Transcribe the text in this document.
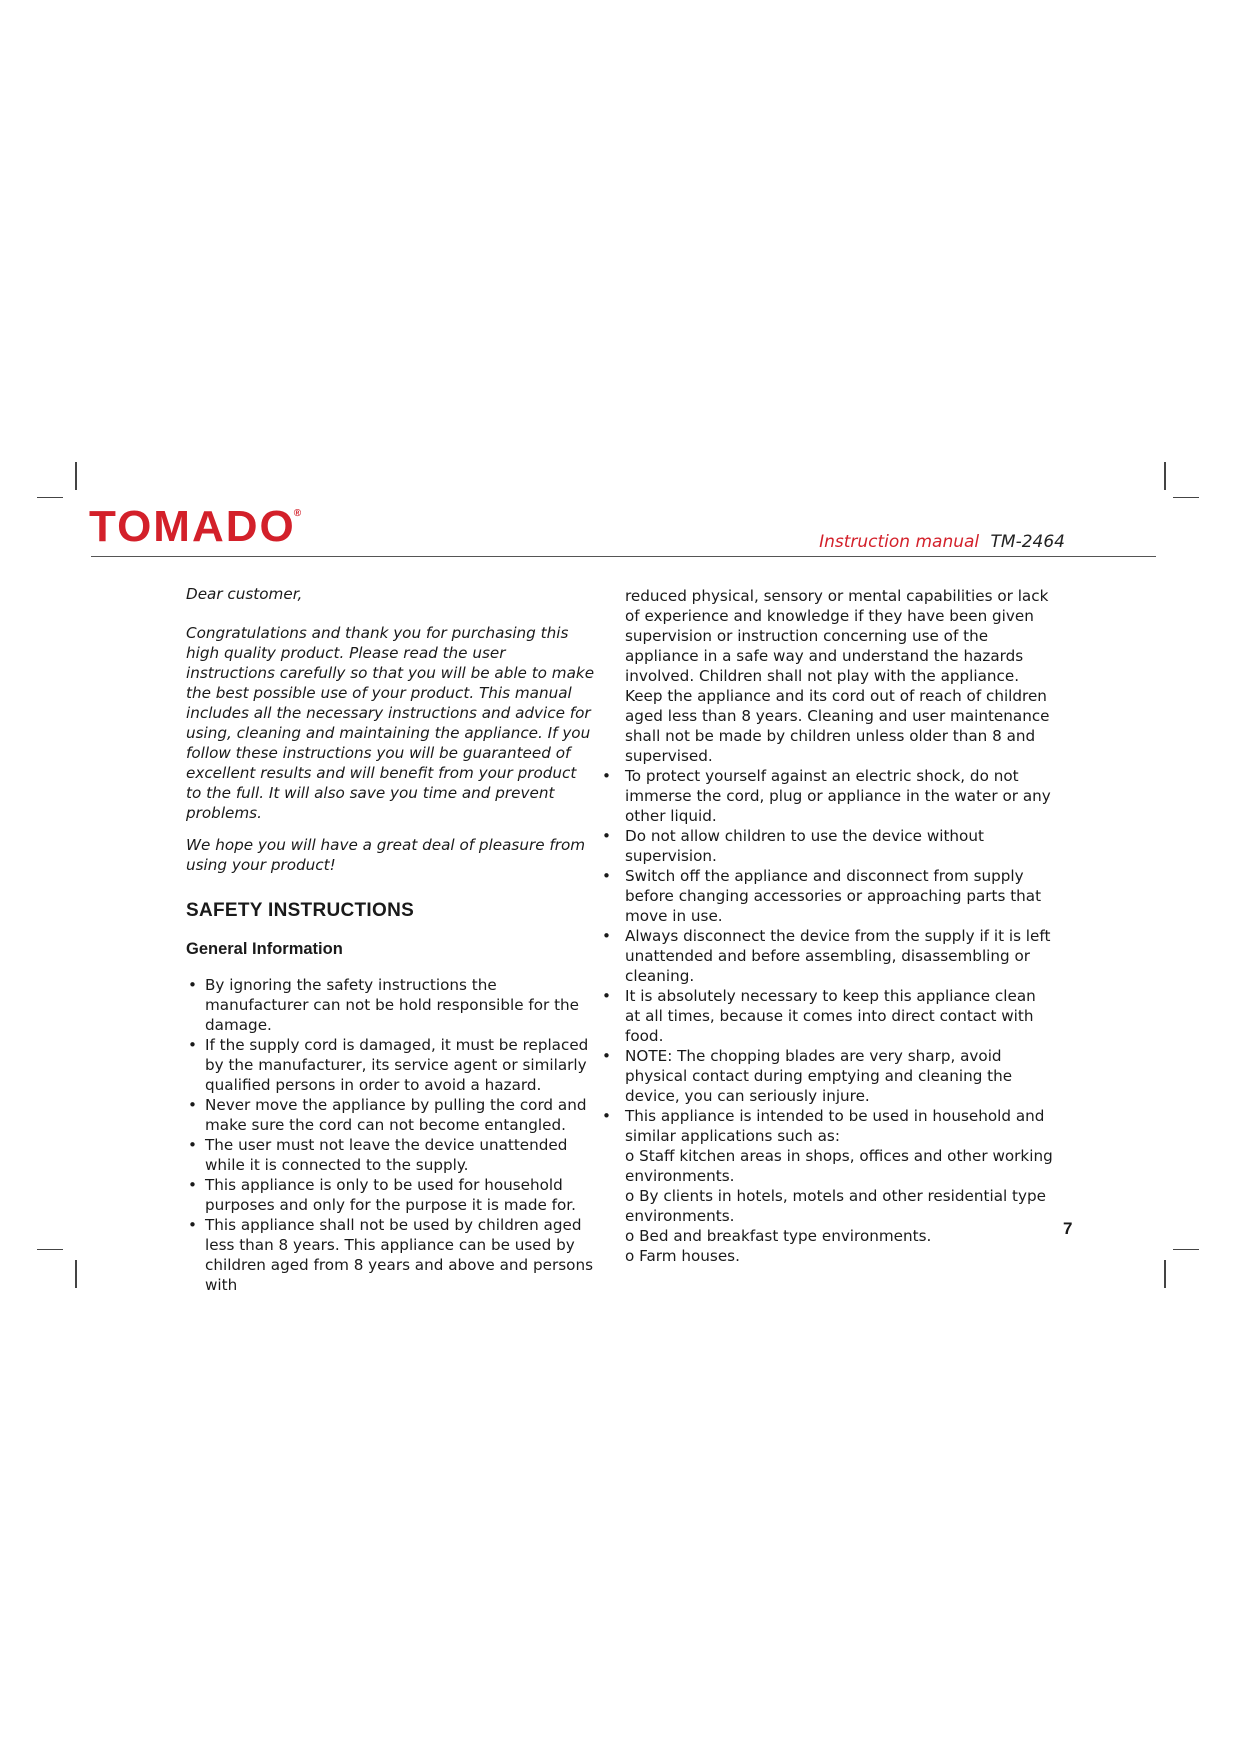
TOMADO®
Instruction manual TM-2464

Dear customer,

Congratulations and thank you for purchasing this high quality product. Please read the user instructions carefully so that you will be able to make the best possible use of your product. This manual includes all the necessary instructions and advice for using, cleaning and maintaining the appliance. If you follow these instructions you will be guaranteed of excellent results and will benefit from your product to the full. It will also save you time and prevent problems.

We hope you will have a great deal of pleasure from using your product!

SAFETY INSTRUCTIONS
General Information
• By ignoring the safety instructions the manufacturer can not be hold responsible for the damage.
• If the supply cord is damaged, it must be replaced by the manufacturer, its service agent or similarly qualified persons in order to avoid a hazard.
• Never move the appliance by pulling the cord and make sure the cord can not become entangled.
• The user must not leave the device unattended while it is connected to the supply.
• This appliance is only to be used for household purposes and only for the purpose it is made for.
• This appliance shall not be used by children aged less than 8 years. This appliance can be used by children aged from 8 years and above and persons with
reduced physical, sensory or mental capabilities or lack of experience and knowledge if they have been given supervision or instruction concerning use of the appliance in a safe way and understand the hazards involved. Children shall not play with the appliance. Keep the appliance and its cord out of reach of children aged less than 8 years. Cleaning and user maintenance shall not be made by children unless older than 8 and supervised.
• To protect yourself against an electric shock, do not immerse the cord, plug or appliance in the water or any other liquid.
• Do not allow children to use the device without supervision.
• Switch off the appliance and disconnect from supply before changing accessories or approaching parts that move in use.
• Always disconnect the device from the supply if it is left unattended and before assembling, disassembling or cleaning.
• It is absolutely necessary to keep this appliance clean at all times, because it comes into direct contact with food.
• NOTE: The chopping blades are very sharp, avoid physical contact during emptying and cleaning the device, you can seriously injure.
• This appliance is intended to be used in household and similar applications such as:
o Staff kitchen areas in shops, offices and other working environments.
o By clients in hotels, motels and other residential type environments.
o Bed and breakfast type environments.
o Farm houses.
7
